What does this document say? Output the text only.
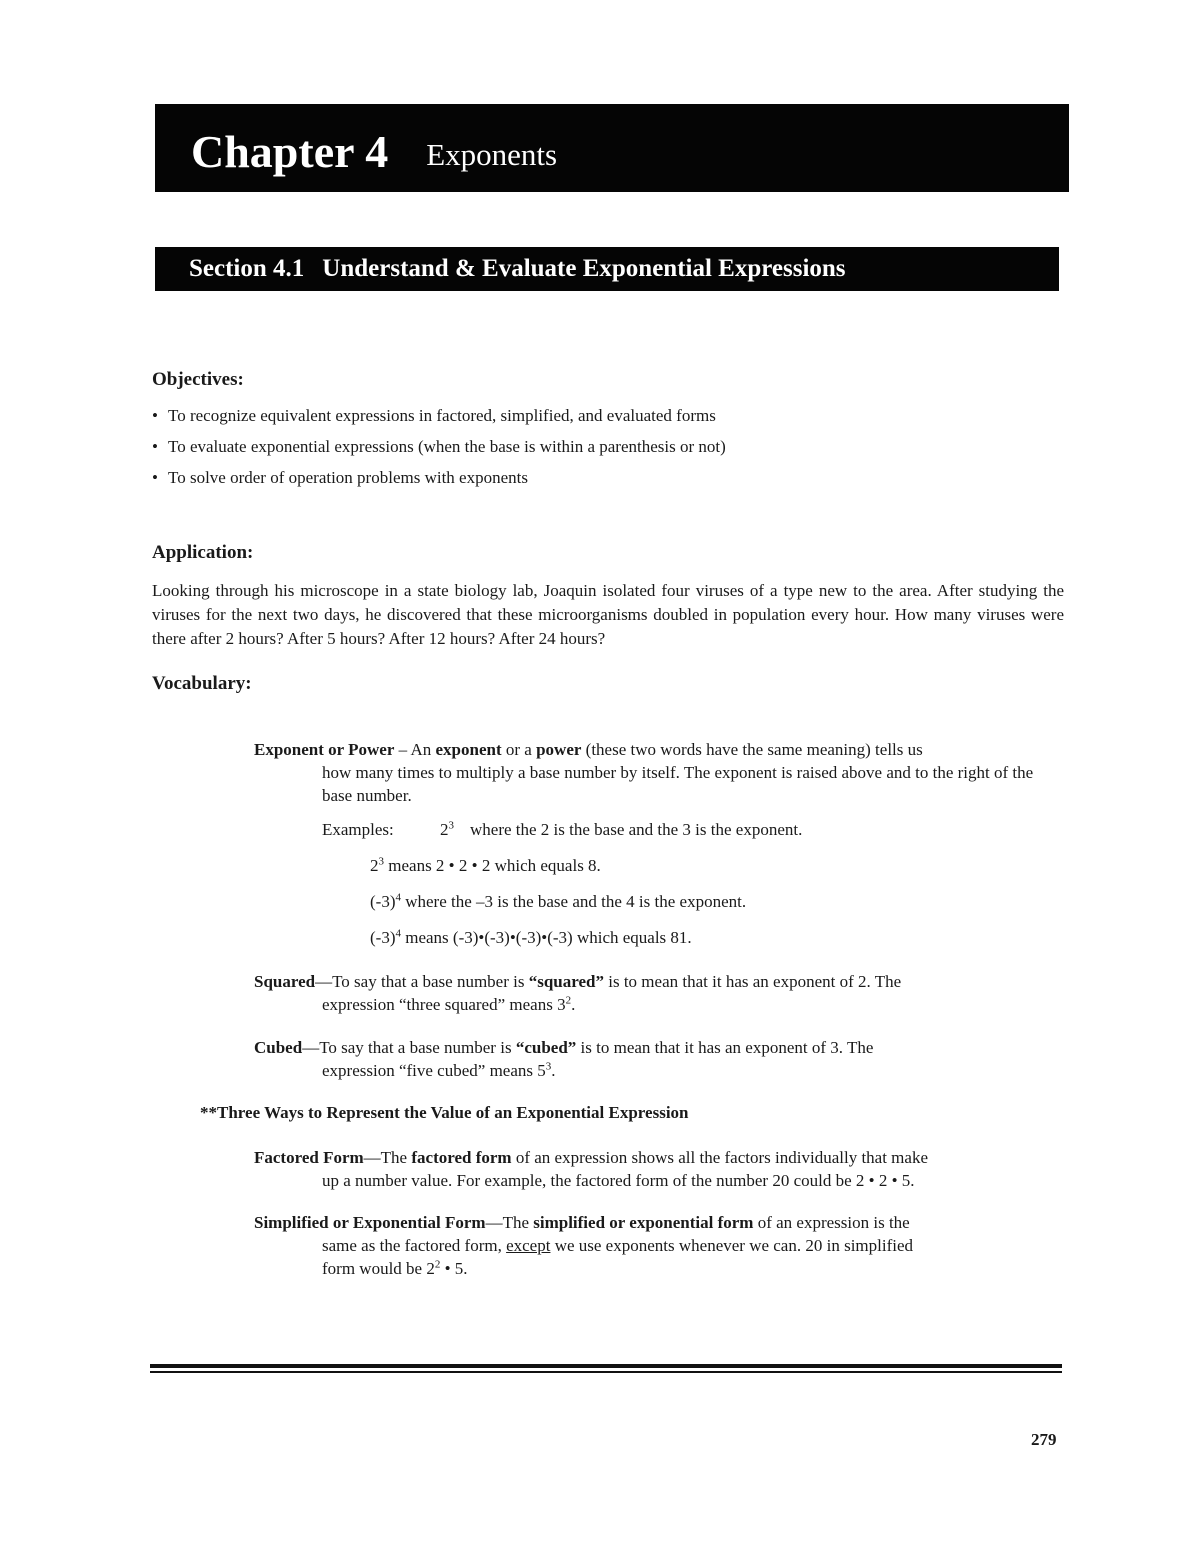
Chapter 4 Exponents
Section 4.1 Understand & Evaluate Exponential Expressions
Objectives:
• To recognize equivalent expressions in factored, simplified, and evaluated forms
• To evaluate exponential expressions (when the base is within a parenthesis or not)
• To solve order of operation problems with exponents
Application:
Looking through his microscope in a state biology lab, Joaquin isolated four viruses of a type new to the area. After studying the viruses for the next two days, he discovered that these microorganisms doubled in population every hour. How many viruses were there after 2 hours? After 5 hours? After 12 hours? After 24 hours?
Vocabulary:
Exponent or Power – An exponent or a power (these two words have the same meaning) tells us
how many times to multiply a base number by itself. The exponent is raised above and to the right of the base number.
Examples:	$2^3$ where the 2 is the base and the 3 is the exponent.
$2^3$ means 2 • 2 • 2 which equals 8.
$(-3)^4$ where the –3 is the base and the 4 is the exponent.
$(-3)^4$ means (-3)•(-3)•(-3)•(-3) which equals 81.
Squared—To say that a base number is “squared” is to mean that it has an exponent of 2. The
expression “three squared” means $3^2$.
Cubed—To say that a base number is “cubed” is to mean that it has an exponent of 3. The
expression “five cubed” means $5^3$.
**Three Ways to Represent the Value of an Exponential Expression
Factored Form—The factored form of an expression shows all the factors individually that make
up a number value. For example, the factored form of the number 20 could be 2 • 2 • 5.
Simplified or Exponential Form—The simplified or exponential form of an expression is the
same as the factored form, except we use exponents whenever we can. 20 in simplified
form would be $2^2$ • 5.
279
